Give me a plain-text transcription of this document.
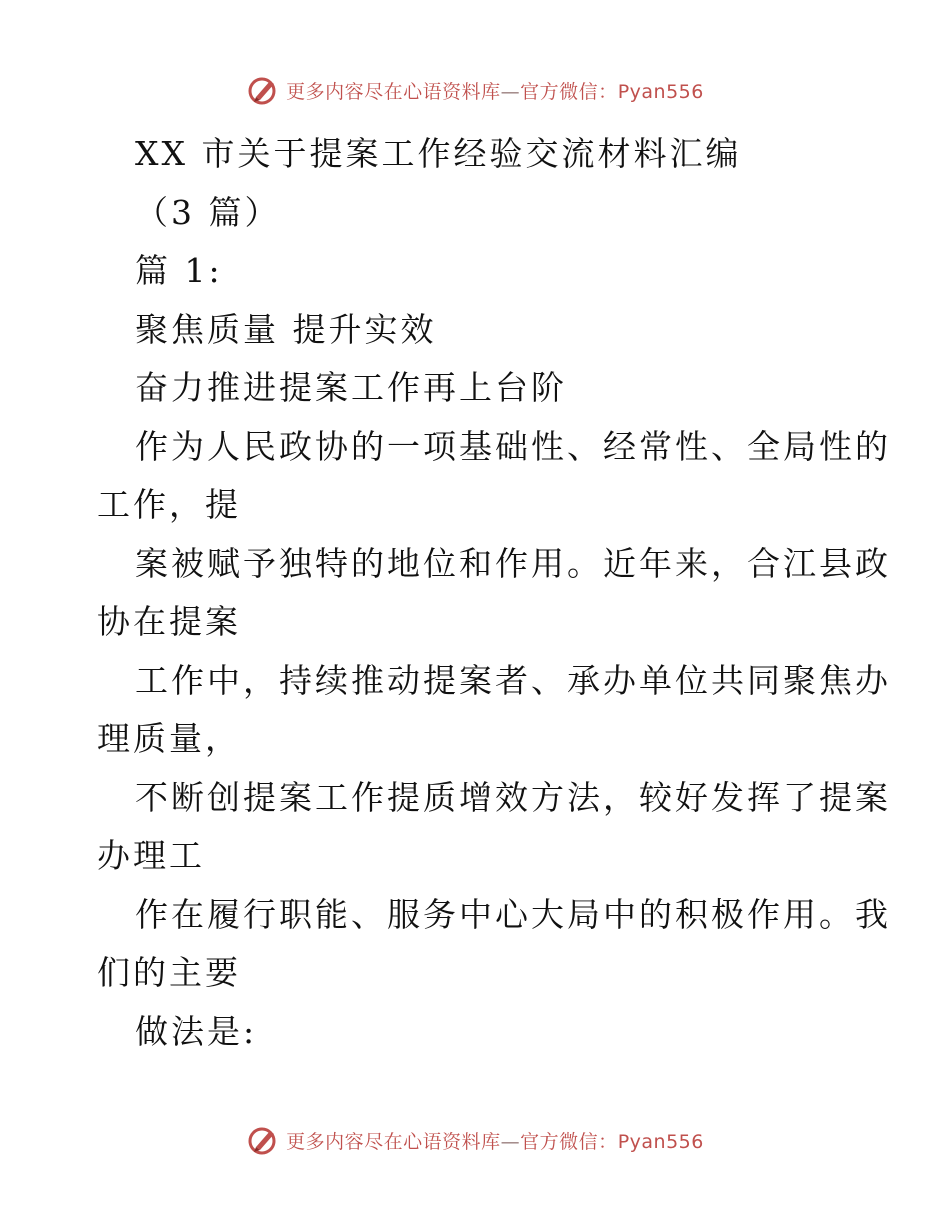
更多内容尽在心语资料库—官方微信：Pyan556
XX 市关于提案工作经验交流材料汇编
（3 篇）
篇 1:
聚焦质量 提升实效
奋力推进提案工作再上台阶
作为人民政协的一项基础性、经常性、全局性的
工作，提
案被赋予独特的地位和作用。近年来，合江县政
协在提案
工作中，持续推动提案者、承办单位共同聚焦办
理质量，
不断创提案工作提质增效方法，较好发挥了提案
办理工
作在履行职能、服务中心大局中的积极作用。我
们的主要
做法是:
更多内容尽在心语资料库—官方微信：Pyan556
